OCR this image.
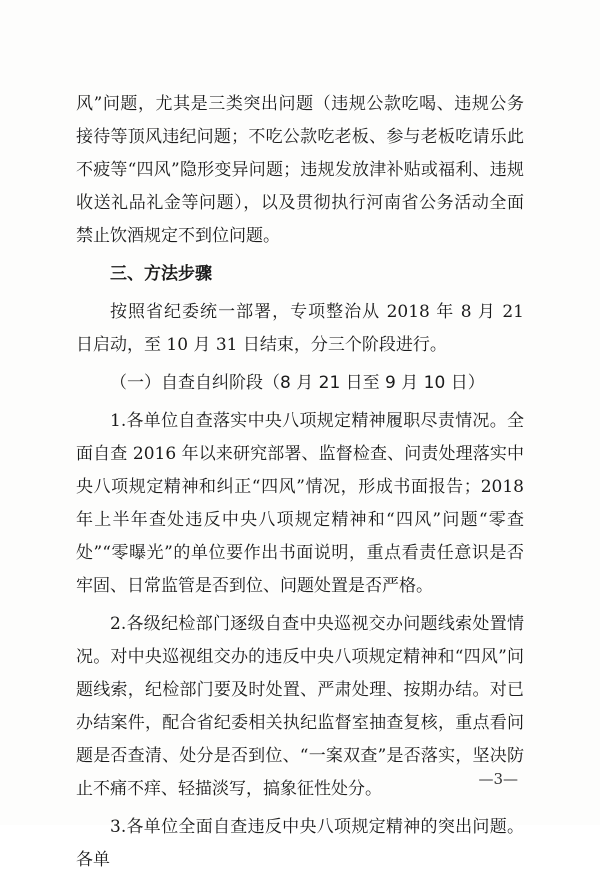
风”问题，尤其是三类突出问题（违规公款吃喝、违规公务接待等顶风违纪问题；不吃公款吃老板、参与老板吃请乐此不疲等“四风”隐形变异问题；违规发放津补贴或福利、违规收送礼品礼金等问题），以及贯彻执行河南省公务活动全面禁止饮酒规定不到位问题。

三、方法步骤

按照省纪委统一部署，专项整治从 2018 年 8 月 21 日启动，至 10 月 31 日结束，分三个阶段进行。

（一）自查自纠阶段（8 月 21 日至 9 月 10 日）

1.各单位自查落实中央八项规定精神履职尽责情况。全面自查 2016 年以来研究部署、监督检查、问责处理落实中央八项规定精神和纠正“四风”情况，形成书面报告；2018 年上半年查处违反中央八项规定精神和“四风”问题“零查处”“零曝光”的单位要作出书面说明，重点看责任意识是否牢固、日常监管是否到位、问题处置是否严格。

2.各级纪检部门逐级自查中央巡视交办问题线索处置情况。对中央巡视组交办的违反中央八项规定精神和“四风”问题线索，纪检部门要及时处置、严肃处理、按期办结。对已办结案件，配合省纪委相关执纪监督室抽查复核，重点看问题是否查清、处分是否到位、“一案双查”是否落实，坚决防止不痛不痒、轻描淡写，搞象征性处分。

3.各单位全面自查违反中央八项规定精神的突出问题。各单

—3—
